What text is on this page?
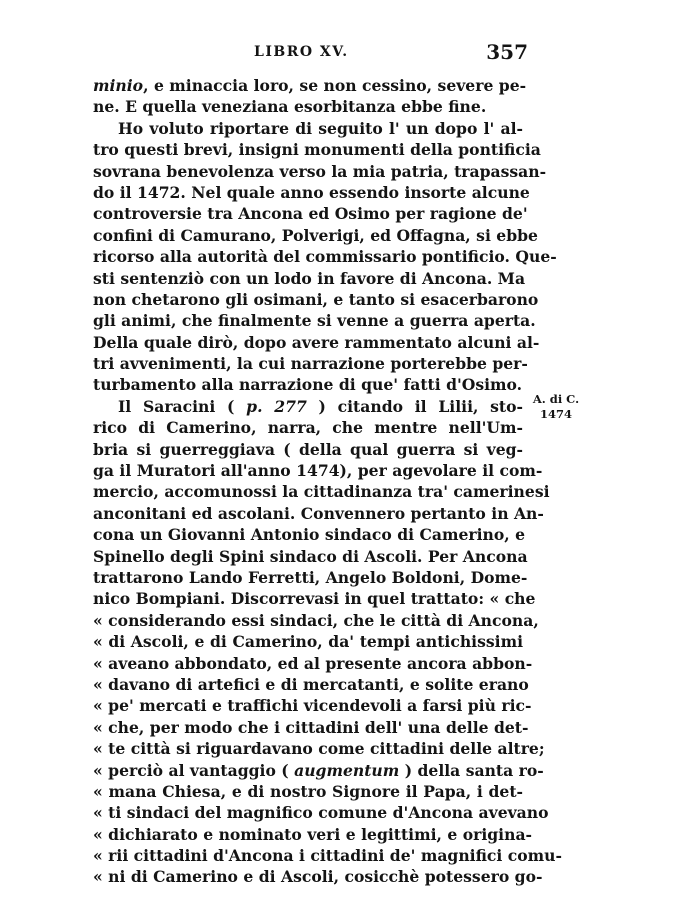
LIBRO XV.	357
minio, e minaccia loro, se non cessino, severe pe-
ne. E quella veneziana esorbitanza ebbe fine.
Ho voluto riportare di seguito l' un dopo l' al-
tro questi brevi, insigni monumenti della pontificia
sovrana benevolenza verso la mia patria, trapassan-
do il 1472. Nel quale anno essendo insorte alcune
controversie tra Ancona ed Osimo per ragione de'
confini di Camurano, Polverigi, ed Offagna, si ebbe
ricorso alla autorità del commissario pontificio. Que-
sti sentenziò con un lodo in favore di Ancona. Ma
non chetarono gli osimani, e tanto si esacerbarono
gli animi, che finalmente si venne a guerra aperta.
Della quale dirò, dopo avere rammentato alcuni al-
tri avvenimenti, la cui narrazione porterebbe per-
turbamento alla narrazione di que' fatti d'Osimo.
Il Saracini ( p. 277 ) citando il Lilii, sto-
rico di Camerino, narra, che mentre nell'Um-
bria si guerreggiava ( della qual guerra si veg-
ga il Muratori all'anno 1474), per agevolare il com-
mercio, accomunossi la cittadinanza tra' camerinesi
anconitani ed ascolani. Convennero pertanto in An-
cona un Giovanni Antonio sindaco di Camerino, e
Spinello degli Spini sindaco di Ascoli. Per Ancona
trattarono Lando Ferretti, Angelo Boldoni, Dome-
nico Bompiani. Discorrevasi in quel trattato: « che
« considerando essi sindaci, che le città di Ancona,
« di Ascoli, e di Camerino, da' tempi antichissimi
« aveano abbondato, ed al presente ancora abbon-
« davano di artefici e di mercatanti, e solite erano
« pe' mercati e traffichi vicendevoli a farsi più ric-
« che, per modo che i cittadini dell' una delle det-
« te città si riguardavano come cittadini delle altre;
« perciò al vantaggio ( augmentum ) della santa ro-
« mana Chiesa, e di nostro Signore il Papa, i det-
« ti sindaci del magnifico comune d'Ancona avevano
« dichiarato e nominato veri e legittimi, e origina-
« rii cittadini d'Ancona i cittadini de' magnifici comu-
« ni di Camerino e di Ascoli, cosicchè potessero go-
A. di C.
1474
